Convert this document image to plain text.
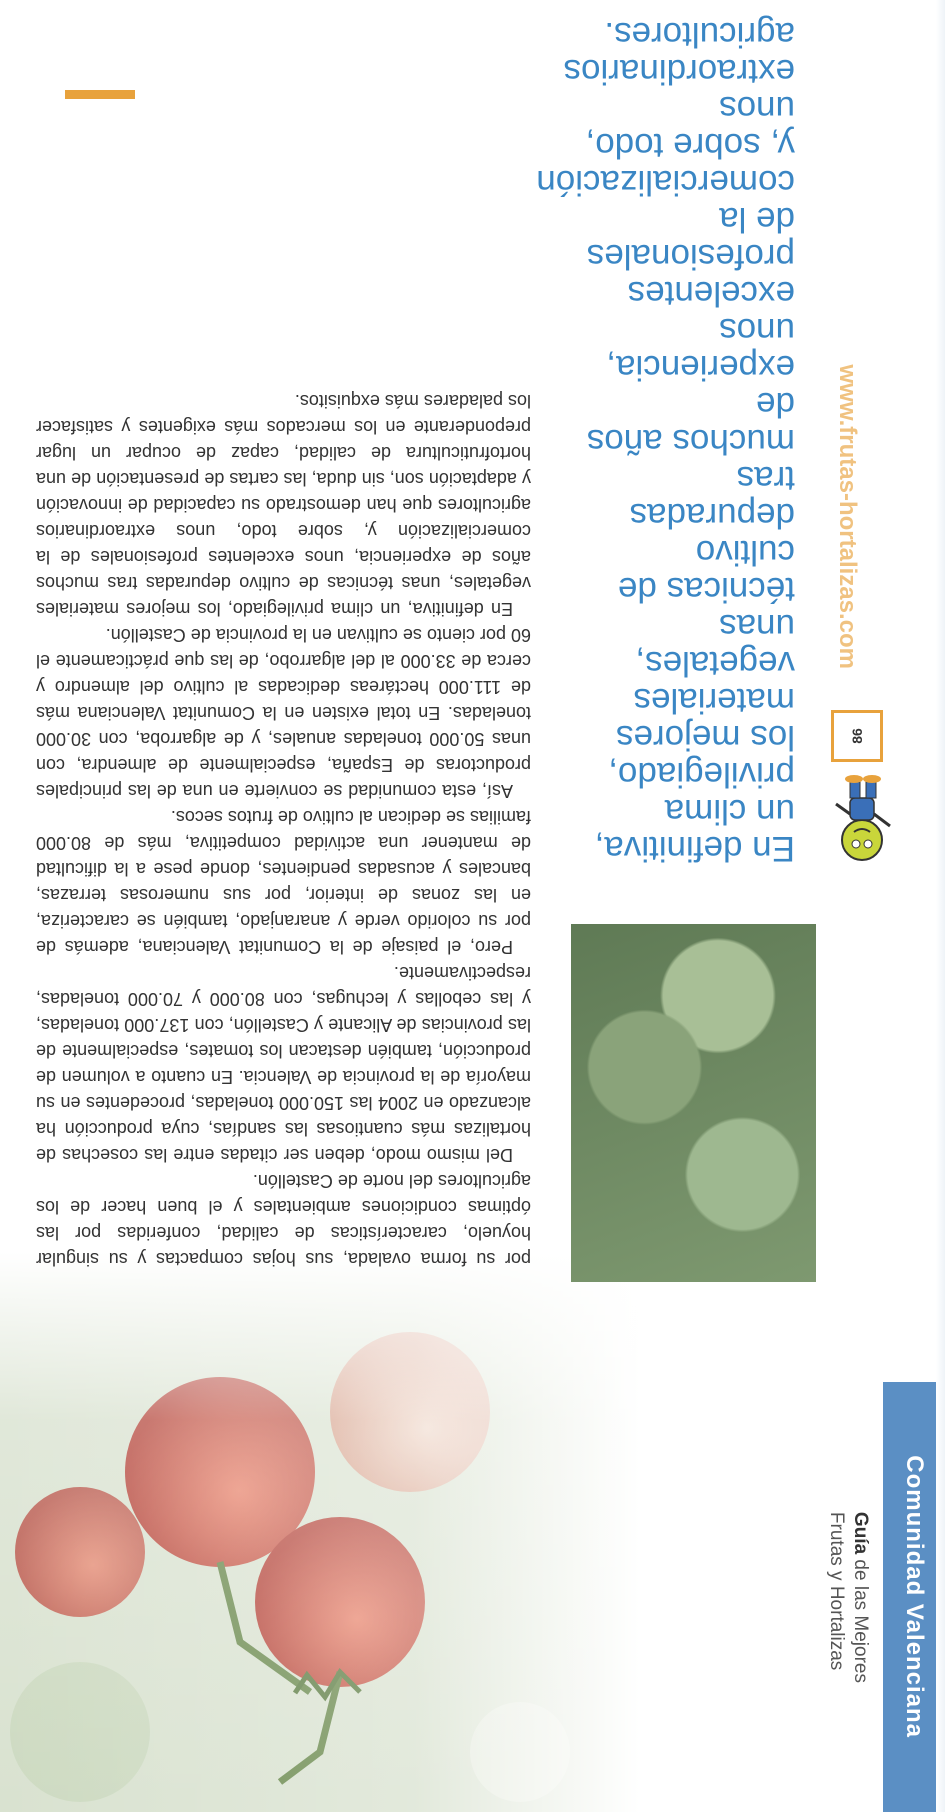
Comunidad Valenciana
Guía de las Mejores
Frutas y Hortalizas
86
www.frutas-hortalizas.com

En definitiva,

un clima

privilegiado,

los mejores

materiales

vegetales, unas

técnicas de cultivo

depuradas tras

muchos años

de experiencia,

unos excelentes

profesionales de la

comercialización

y, sobre todo,

unos

extraordinarios

agricultores.

por su forma ovalada, sus hojas compactas y su singular hoyuelo, características de calidad, conferidas por las óptimas condiciones ambientales y el buen hacer de los agricultores del norte de Castellón.

Del mismo modo, deben ser citadas entre las cosechas de hortalizas más cuantiosas las sandías, cuya producción ha alcanzado en 2004 las 150.000 toneladas, procedentes en su mayoría de la provincia de Valencia. En cuanto a volumen de producción, también destacan los tomates, especialmente de las provincias de Alicante y Castellón, con 137.000 toneladas, y las cebollas y lechugas, con 80.000 y 70.000 toneladas, respectivamente.

Pero, el paisaje de la Comunitat Valenciana, además de por su colorido verde y anaranjado, también se caracteriza, en las zonas de interior, por sus numerosas terrazas, bancales y acusadas pendientes, donde pese a la dificultad de mantener una actividad competitiva, más de 80.000 familias se dedican al cultivo de frutos secos.

Así, esta comunidad se convierte en una de las principales productoras de España, especialmente de almendra, con unas 50.000 toneladas anuales, y de algarroba, con 30.000 toneladas. En total existen en la Comunitat Valenciana más de 111.000 hectáreas dedicadas al cultivo del almendro y cerca de 33.000 al del algarrobo, de las que prácticamente el 60 por ciento se cultivan en la provincia de Castellón.

En definitiva, un clima privilegiado, los mejores materiales vegetales, unas técnicas de cultivo depuradas tras muchos años de experiencia, unos excelentes profesionales de la comercialización y, sobre todo, unos extraordinarios agricultores que han demostrado su capacidad de innovación y adaptación son, sin duda, las cartas de presentación de una hortofruticultura de calidad, capaz de ocupar un lugar preponderante en los mercados más exigentes y satisfacer los paladares más exquisitos.
